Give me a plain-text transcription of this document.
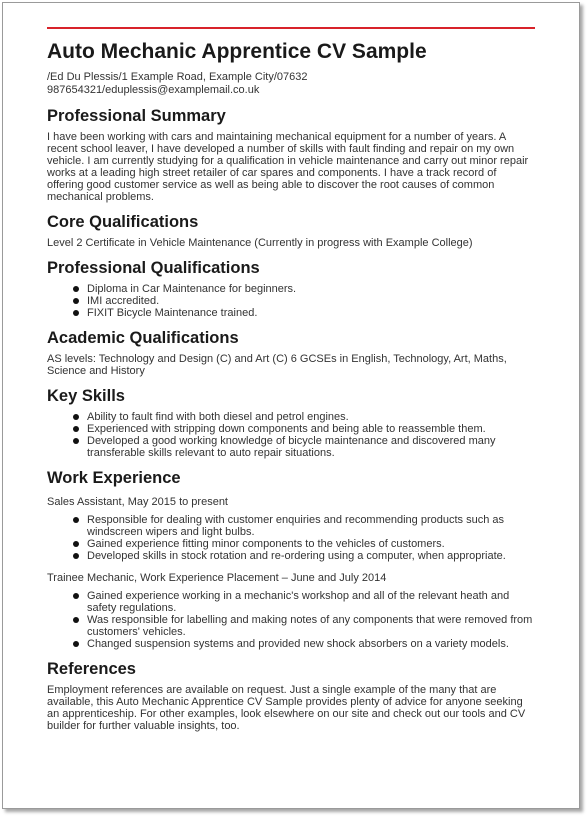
Auto Mechanic Apprentice CV Sample
/Ed Du Plessis/1 Example Road, Example City/07632
987654321/eduplessis@examplemail.co.uk
Professional Summary

I have been working with cars and maintaining mechanical equipment for a number of years. A recent school leaver, I have developed a number of skills with fault finding and repair on my own vehicle. I am currently studying for a qualification in vehicle maintenance and carry out minor repair works at a leading high street retailer of car spares and components. I have a track record of offering good customer service as well as being able to discover the root causes of common mechanical problems.

Core Qualifications

Level 2 Certificate in Vehicle Maintenance (Currently in progress with Example College)

Professional Qualifications
Diploma in Car Maintenance for beginners.
IMI accredited.
FIXIT Bicycle Maintenance trained.
Academic Qualifications

AS levels: Technology and Design (C) and Art (C) 6 GCSEs in English, Technology, Art, Maths, Science and History

Key Skills
Ability to fault find with both diesel and petrol engines.
Experienced with stripping down components and being able to reassemble them.
Developed a good working knowledge of bicycle maintenance and discovered many transferable skills relevant to auto repair situations.
Work Experience

Sales Assistant, May 2015 to present

Responsible for dealing with customer enquiries and recommending products such as windscreen wipers and light bulbs.
Gained experience fitting minor components to the vehicles of customers.
Developed skills in stock rotation and re-ordering using a computer, when appropriate.

Trainee Mechanic, Work Experience Placement – June and July 2014

Gained experience working in a mechanic's workshop and all of the relevant heath and safety regulations.
Was responsible for labelling and making notes of any components that were removed from customers' vehicles.
Changed suspension systems and provided new shock absorbers on a variety models.
References

Employment references are available on request. Just a single example of the many that are available, this Auto Mechanic Apprentice CV Sample provides plenty of advice for anyone seeking an apprenticeship. For other examples, look elsewhere on our site and check out our tools and CV builder for further valuable insights, too.
